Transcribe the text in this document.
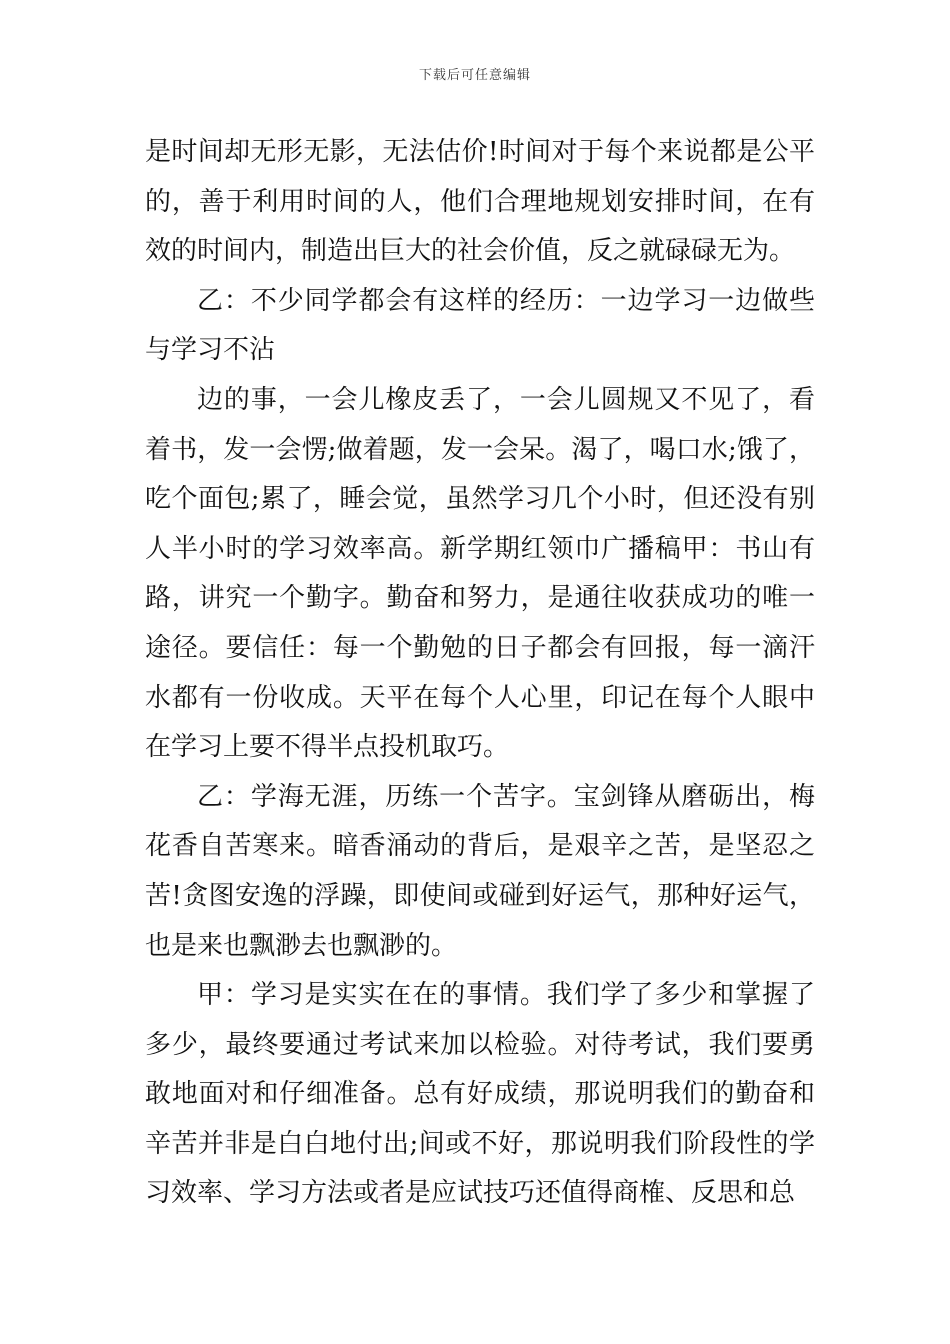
下载后可任意编辑

是时间却无形无影，无法估价!时间对于每个来说都是公平的，善于利用时间的人，他们合理地规划安排时间，在有效的时间内，制造出巨大的社会价值，反之就碌碌无为。

乙：不少同学都会有这样的经历：一边学习一边做些与学习不沾

边的事，一会儿橡皮丢了，一会儿圆规又不见了，看着书，发一会愣;做着题，发一会呆。渴了，喝口水;饿了，吃个面包;累了，睡会觉，虽然学习几个小时，但还没有别人半小时的学习效率高。新学期红领巾广播稿甲：书山有路，讲究一个勤字。勤奋和努力，是通往收获成功的唯一途径。要信任：每一个勤勉的日子都会有回报，每一滴汗水都有一份收成。天平在每个人心里，印记在每个人眼中在学习上要不得半点投机取巧。

乙：学海无涯，历练一个苦字。宝剑锋从磨砺出，梅花香自苦寒来。暗香涌动的背后，是艰辛之苦，是坚忍之苦!贪图安逸的浮躁，即使间或碰到好运气，那种好运气，也是来也飘渺去也飘渺的。

甲：学习是实实在在的事情。我们学了多少和掌握了多少，最终要通过考试来加以检验。对待考试，我们要勇敢地面对和仔细准备。总有好成绩，那说明我们的勤奋和辛苦并非是白白地付出;间或不好，那说明我们阶段性的学习效率、学习方法或者是应试技巧还值得商榷、反思和总
